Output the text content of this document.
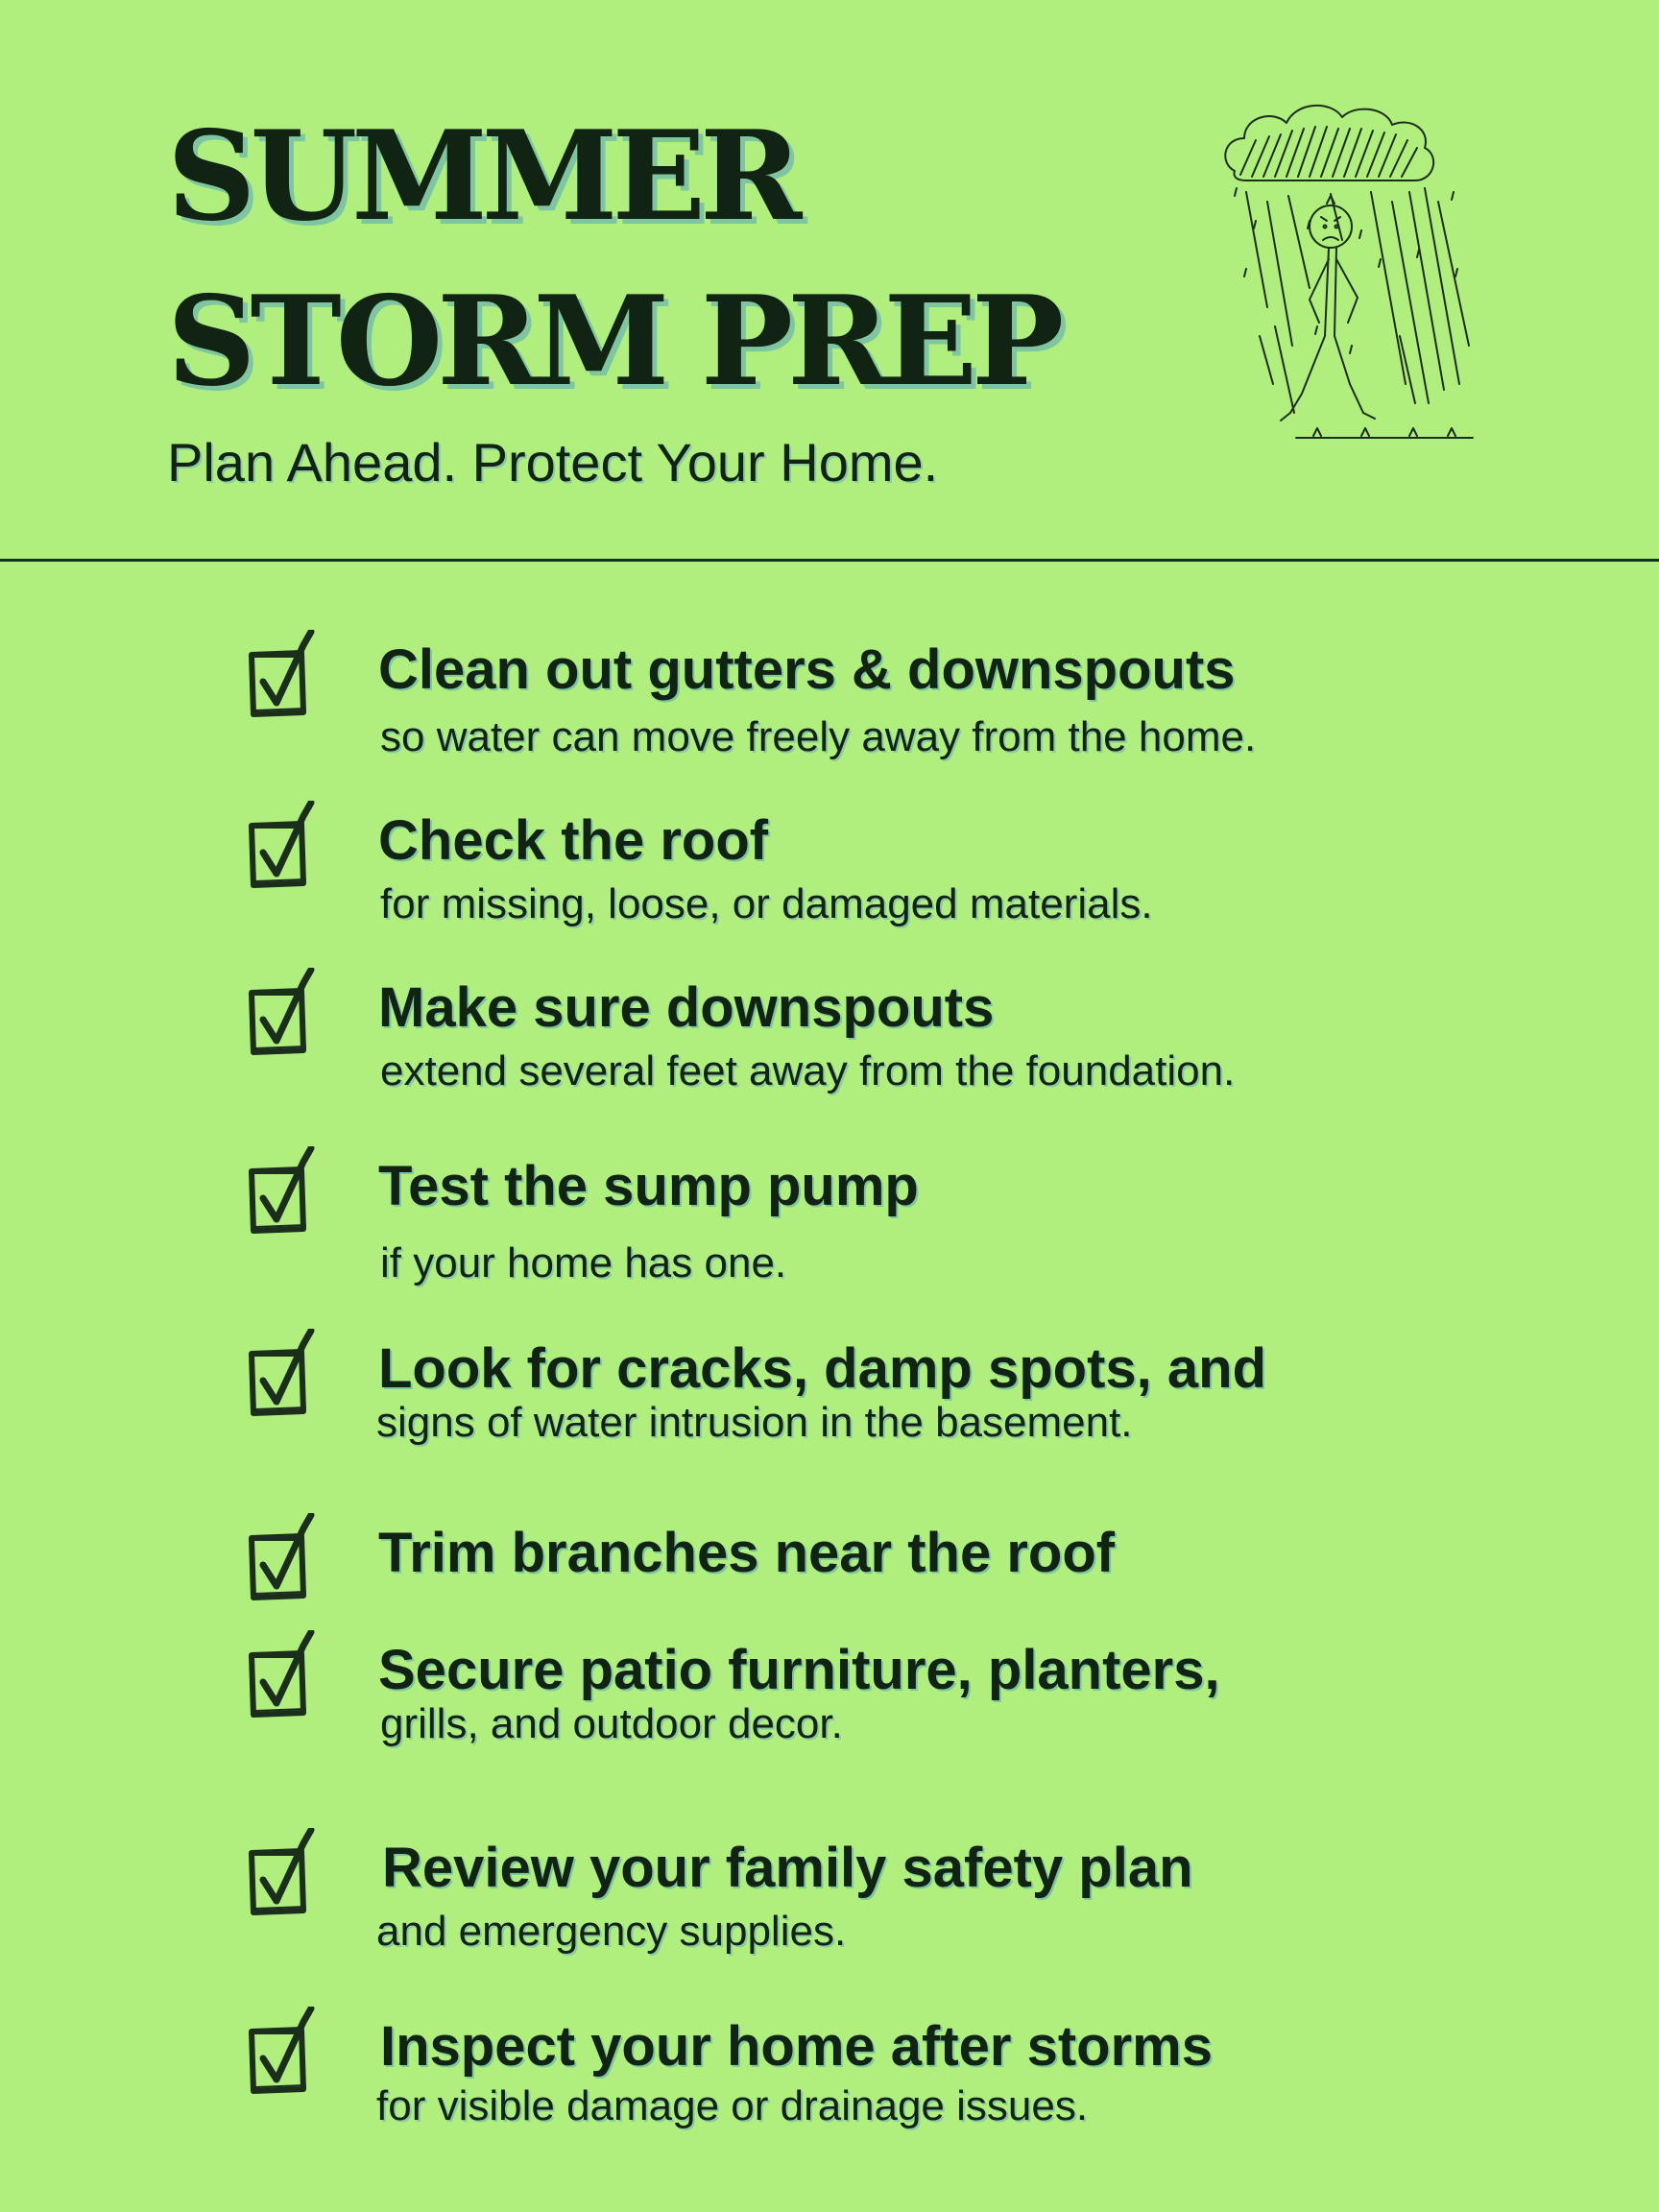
SUMMER
STORM PREP

Plan Ahead. Protect Your Home.

Clean out gutters & downspouts
so water can move freely away from the home.
Check the roof
for missing, loose, or damaged materials.
Make sure downspouts
extend several feet away from the foundation.
Test the sump pump
if your home has one.
Look for cracks, damp spots, and
signs of water intrusion in the basement.
Trim branches near the roof
Secure patio furniture, planters,
grills, and outdoor decor.
Review your family safety plan
and emergency supplies.
Inspect your home after storms
for visible damage or drainage issues.
